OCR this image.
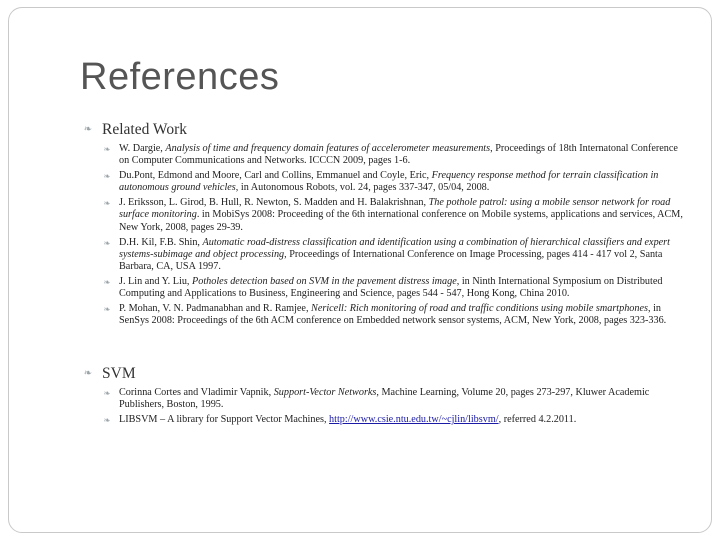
References
❧ Related Work
❧ W. Dargie, Analysis of time and frequency domain features of accelerometer measurements, Proceedings of 18th Internatonal Conference on Computer Communications and Networks. ICCCN 2009, pages 1-6.
❧ Du.Pont, Edmond and Moore, Carl and Collins, Emmanuel and Coyle, Eric, Frequency response method for terrain classification in autonomous ground vehicles, in Autonomous Robots, vol. 24, pages 337-347, 05/04, 2008.
❧ J. Eriksson, L. Girod, B. Hull, R. Newton, S. Madden and H. Balakrishnan, The pothole patrol: using a mobile sensor network for road surface monitoring. in MobiSys 2008: Proceeding of the 6th international conference on Mobile systems, applications and services, ACM, New York, 2008, pages 29-39.
❧ D.H. Kil, F.B. Shin, Automatic road-distress classification and identification using a combination of hierarchical classifiers and expert systems-subimage and object processing, Proceedings of International Conference on Image Processing, pages 414 - 417 vol 2, Santa Barbara, CA, USA 1997.
❧ J. Lin and Y. Liu, Potholes detection based on SVM in the pavement distress image, in Ninth International Symposium on Distributed Computing and Applications to Business, Engineering and Science, pages 544 - 547, Hong Kong, China 2010.
❧ P. Mohan, V. N. Padmanabhan and R. Ramjee, Nericell: Rich monitoring of road and traffic conditions using mobile smartphones, in SenSys 2008: Proceedings of the 6th ACM conference on Embedded network sensor systems, ACM, New York, 2008, pages 323-336.
❧ SVM
❧ Corinna Cortes and Vladimir Vapnik, Support-Vector Networks, Machine Learning, Volume 20, pages 273-297, Kluwer Academic Publishers, Boston, 1995.
❧ LIBSVM – A library for Support Vector Machines, http://www.csie.ntu.edu.tw/~cjlin/libsvm/, referred 4.2.2011.
